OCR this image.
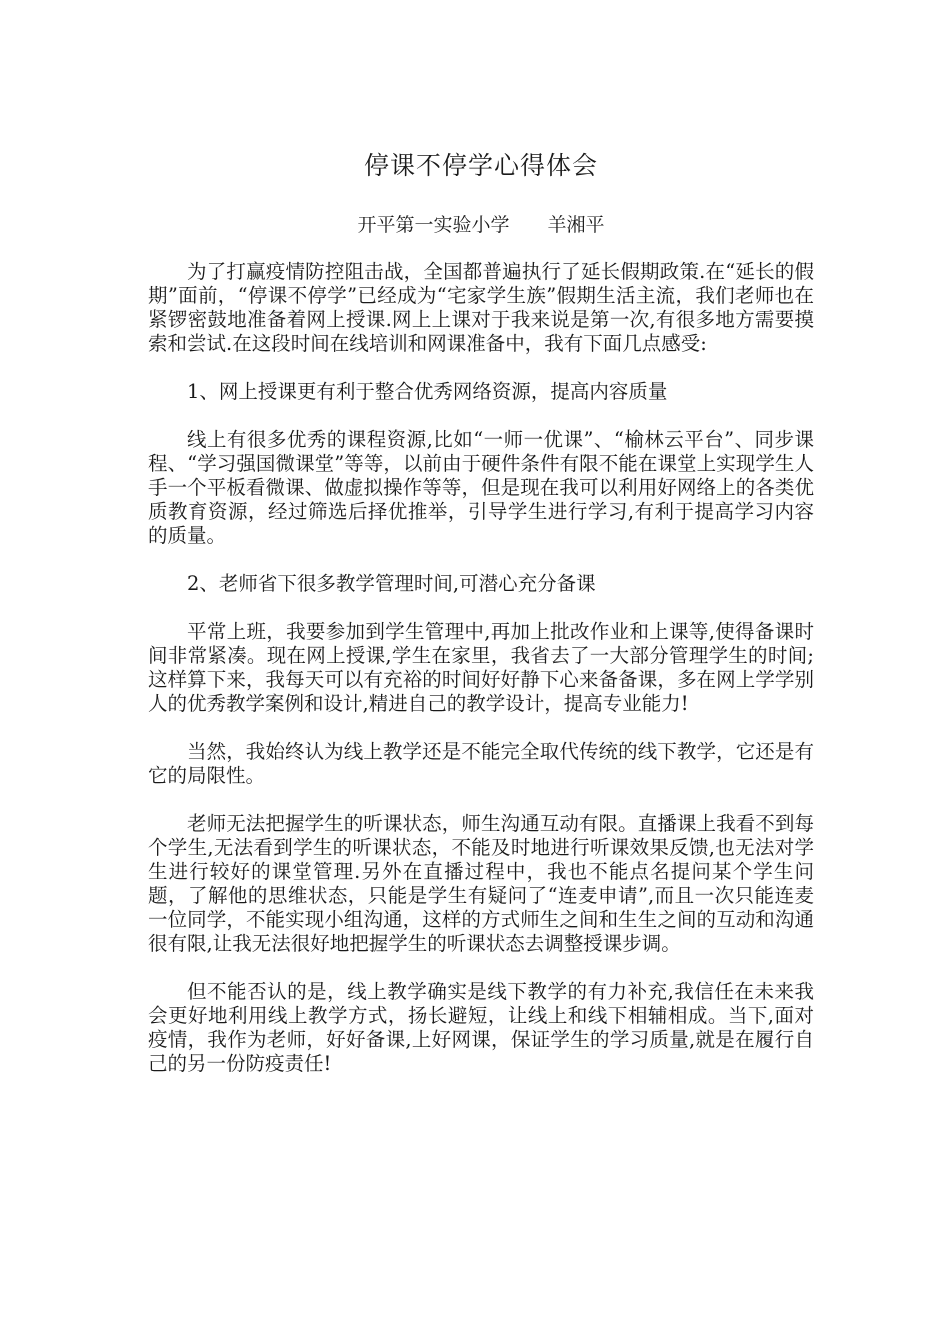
停课不停学心得体会
开平第一实验小学　　羊湘平

为了打赢疫情防控阻击战，全国都普遍执行了延长假期政策.在“延长的假期”面前，“停课不停学”已经成为“宅家学生族”假期生活主流，我们老师也在紧锣密鼓地准备着网上授课.网上上课对于我来说是第一次,有很多地方需要摸索和尝试.在这段时间在线培训和网课准备中，我有下面几点感受:

1、网上授课更有利于整合优秀网络资源，提高内容质量

线上有很多优秀的课程资源,比如“一师一优课”、“榆林云平台”、同步课程、“学习强国微课堂”等等，以前由于硬件条件有限不能在课堂上实现学生人手一个平板看微课、做虚拟操作等等，但是现在我可以利用好网络上的各类优质教育资源，经过筛选后择优推举，引导学生进行学习,有利于提高学习内容的质量。

2、老师省下很多教学管理时间,可潜心充分备课

平常上班，我要参加到学生管理中,再加上批改作业和上课等,使得备课时间非常紧凑。现在网上授课,学生在家里，我省去了一大部分管理学生的时间;这样算下来，我每天可以有充裕的时间好好静下心来备备课，多在网上学学别人的优秀教学案例和设计,精进自己的教学设计，提高专业能力!

当然，我始终认为线上教学还是不能完全取代传统的线下教学，它还是有它的局限性。

老师无法把握学生的听课状态，师生沟通互动有限。直播课上我看不到每个学生,无法看到学生的听课状态，不能及时地进行听课效果反馈,也无法对学生进行较好的课堂管理.另外在直播过程中，我也不能点名提问某个学生问题，了解他的思维状态，只能是学生有疑问了“连麦申请”,而且一次只能连麦一位同学，不能实现小组沟通，这样的方式师生之间和生生之间的互动和沟通很有限,让我无法很好地把握学生的听课状态去调整授课步调。

但不能否认的是，线上教学确实是线下教学的有力补充,我信任在未来我会更好地利用线上教学方式，扬长避短，让线上和线下相辅相成。当下,面对疫情，我作为老师，好好备课,上好网课，保证学生的学习质量,就是在履行自己的另一份防疫责任!
